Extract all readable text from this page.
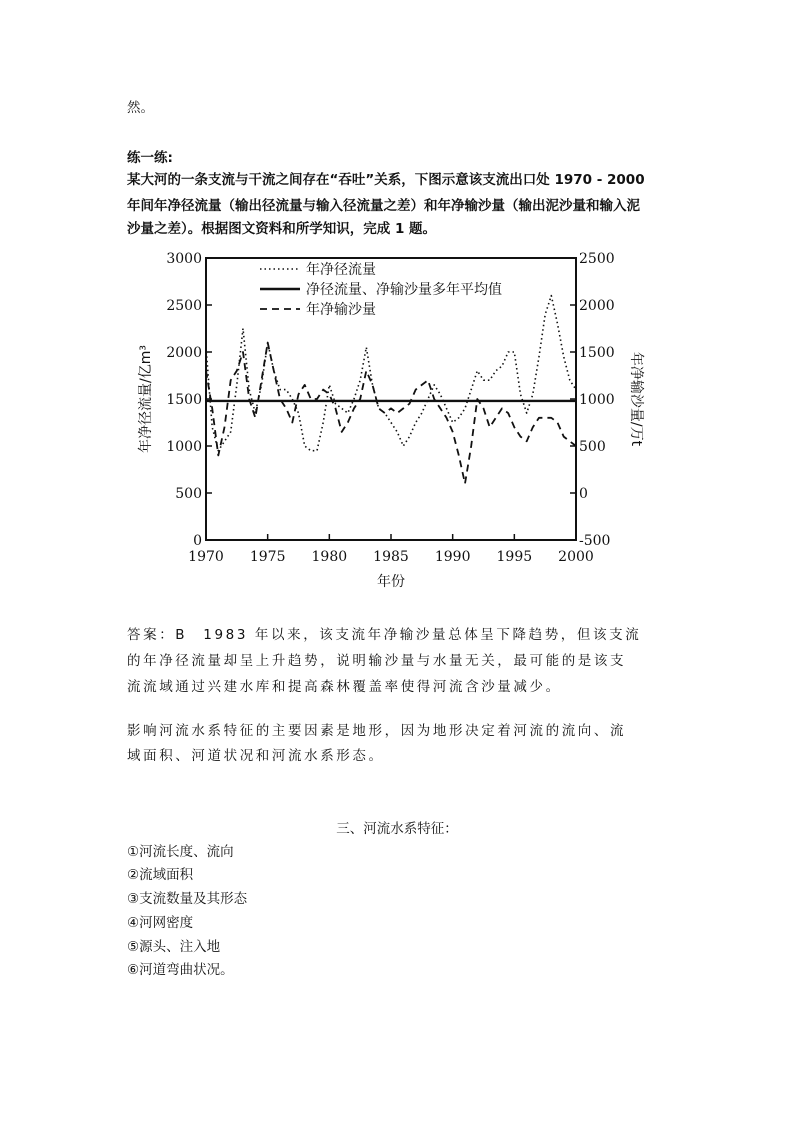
然。
练一练:
某大河的一条支流与干流之间存在“吞吐”关系，下图示意该支流出口处 1970 - 2000
年间年净径流量（输出径流量与输入径流量之差）和年净输沙量（输出泥沙量和输入泥
沙量之差）。根据图文资料和所学知识，完成 1 题。
0
500
1000
1500
2000
2500
3000
-500
0
500
1000
1500
2000
2500
1970 1975 1980 1985 1990 1995 2000
年净径流量
净径流量、净输沙量多年平均值
年净输沙量
年份
年净径流量/亿m³	年净输沙量/万t
答案：B　1983 年以来，该支流年净输沙量总体呈下降趋势，但该支流
的年净径流量却呈上升趋势，说明输沙量与水量无关，最可能的是该支
流流域通过兴建水库和提高森林覆盖率使得河流含沙量减少。
影响河流水系特征的主要因素是地形，因为地形决定着河流的流向、流
域面积、河道状况和河流水系形态。
三、河流水系特征：
①河流长度、流向
②流域面积
③支流数量及其形态
④河网密度
⑤源头、注入地
⑥河道弯曲状况。
